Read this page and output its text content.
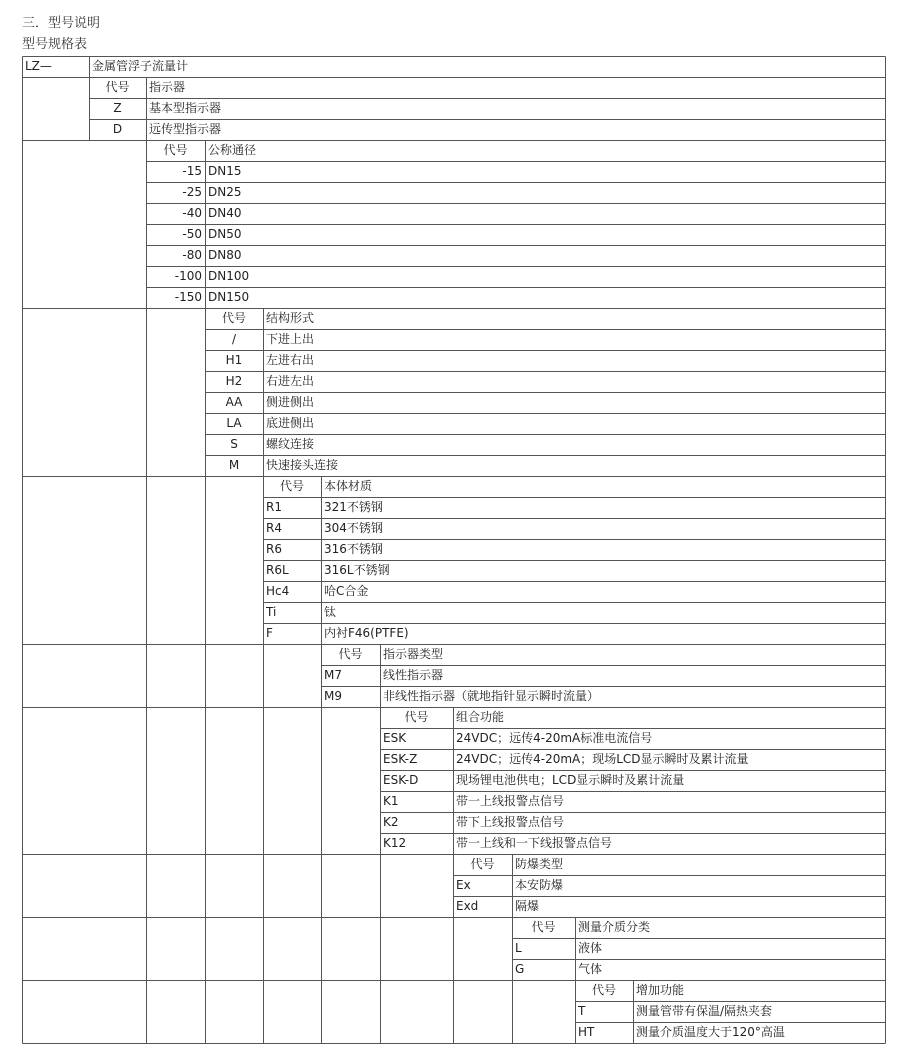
三．型号说明
型号规格表
LZ—	金属管浮子流量计
代号	指示器
Z	基本型指示器
D	远传型指示器
代号	公称通径
-15 DN15
-25 DN25
-40 DN40
-50 DN50
-80 DN80
-100 DN100
-150 DN150
代号	结构形式
/	下进上出
H1	左进右出
H2	右进左出
AA	侧进侧出
LA	底进侧出
S	螺纹连接
M	快速接头连接
代号	本体材质
R1	321不锈钢
R4	304不锈钢
R6	316不锈钢
R6L	316L不锈钢
Hc4	哈C合金
Ti	钛
F	内衬F46(PTFE)
代号	指示器类型
M7	线性指示器
M9	非线性指示器（就地指针显示瞬时流量）
代号	组合功能
ESK	24VDC；远传4-20mA标准电流信号
ESK-Z	24VDC；远传4-20mA；现场LCD显示瞬时及累计流量
ESK-D	现场锂电池供电；LCD显示瞬时及累计流量
K1	带一上线报警点信号
K2	带下上线报警点信号
K12	带一上线和一下线报警点信号
代号	防爆类型
Ex	本安防爆
Exd	隔爆
代号	测量介质分类
L	液体
G	气体
代号	增加功能
T	测量管带有保温/隔热夹套
HT	测量介质温度大于120°高温
